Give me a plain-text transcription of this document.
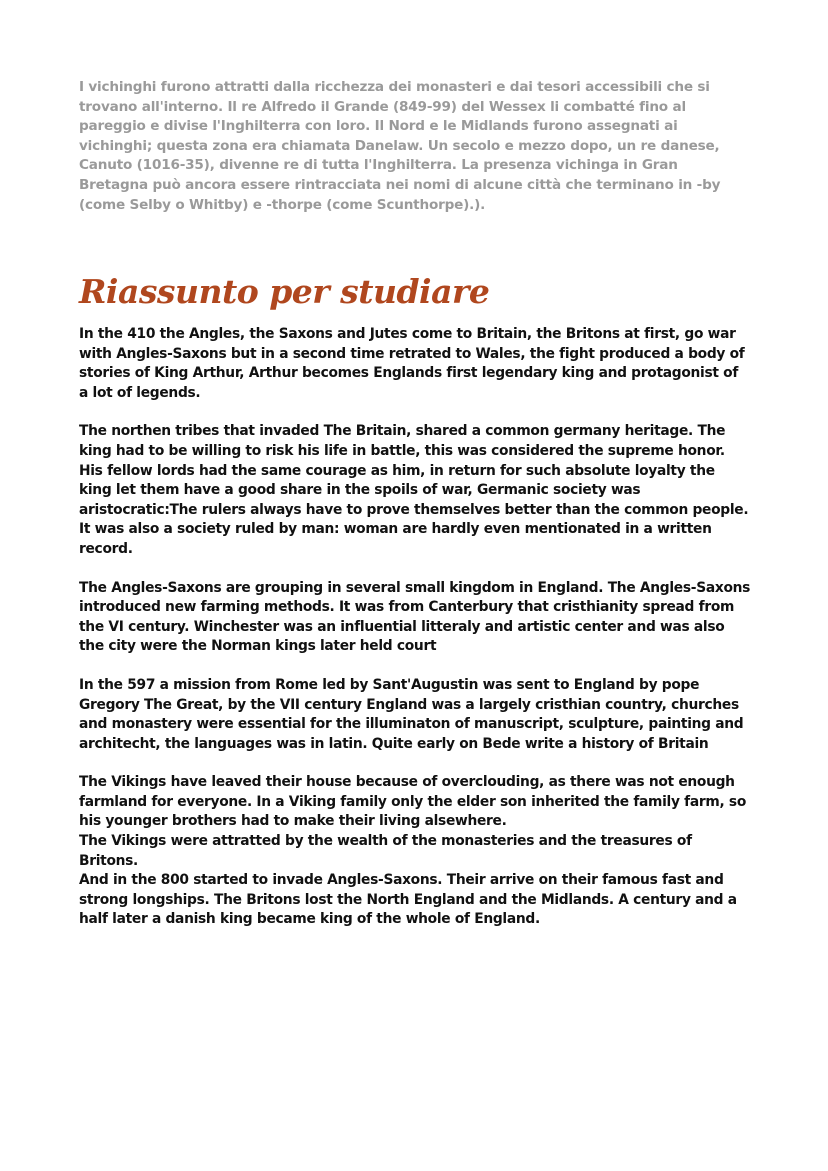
I vichinghi furono attratti dalla ricchezza dei monasteri e dai tesori accessibili che si trovano all'interno. Il re Alfredo il Grande (849-99) del Wessex li combatté fino al pareggio e divise l'Inghilterra con loro. Il Nord e le Midlands furono assegnati ai vichinghi; questa zona era chiamata Danelaw. Un secolo e mezzo dopo, un re danese, Canuto (1016-35), divenne re di tutta l'Inghilterra. La presenza vichinga in Gran Bretagna può ancora essere rintracciata nei nomi di alcune città che terminano in -by (come Selby o Whitby) e -thorpe (come Scunthorpe).).

Riassunto per studiare

In the 410 the Angles, the Saxons and Jutes come to Britain, the Britons at first, go war with Angles-Saxons but in a second time retrated to Wales, the fight produced a body of stories of King Arthur, Arthur becomes Englands first legendary king and protagonist of a lot of legends.

The northen tribes that invaded The Britain, shared a common germany heritage. The king had to be willing to risk his life in battle, this was considered the supreme honor. His fellow lords had the same courage as him, in return for such absolute loyalty the king let them have a good share in the spoils of war, Germanic society was aristocratic:The rulers always have to prove themselves better than the common people. It was also a society ruled by man: woman are hardly even mentionated in a written record.

The Angles-Saxons are grouping in several small kingdom in England. The Angles-Saxons introduced new farming methods. It was from Canterbury that cristhianity spread from the VI century. Winchester was an influential litteraly and artistic center and was also the city were the Norman kings later held court

In the 597 a mission from Rome led by Sant'Augustin was sent to England by pope Gregory The Great, by the VII century England was a largely cristhian country, churches and monastery were essential for the illuminaton of manuscript, sculpture, painting and architecht, the languages was in latin. Quite early on Bede write a history of Britain

The Vikings have leaved their house because of overclouding, as there was not enough farmland for everyone. In a Viking family only the elder son inherited the family farm, so his younger brothers had to make their living alsewhere.
The Vikings were attratted by the wealth of the monasteries and the treasures of Britons.
And in the 800 started to invade Angles-Saxons. Their arrive on their famous fast and strong longships. The Britons lost the North England and the Midlands. A century and a half later a danish king became king of the whole of England.
